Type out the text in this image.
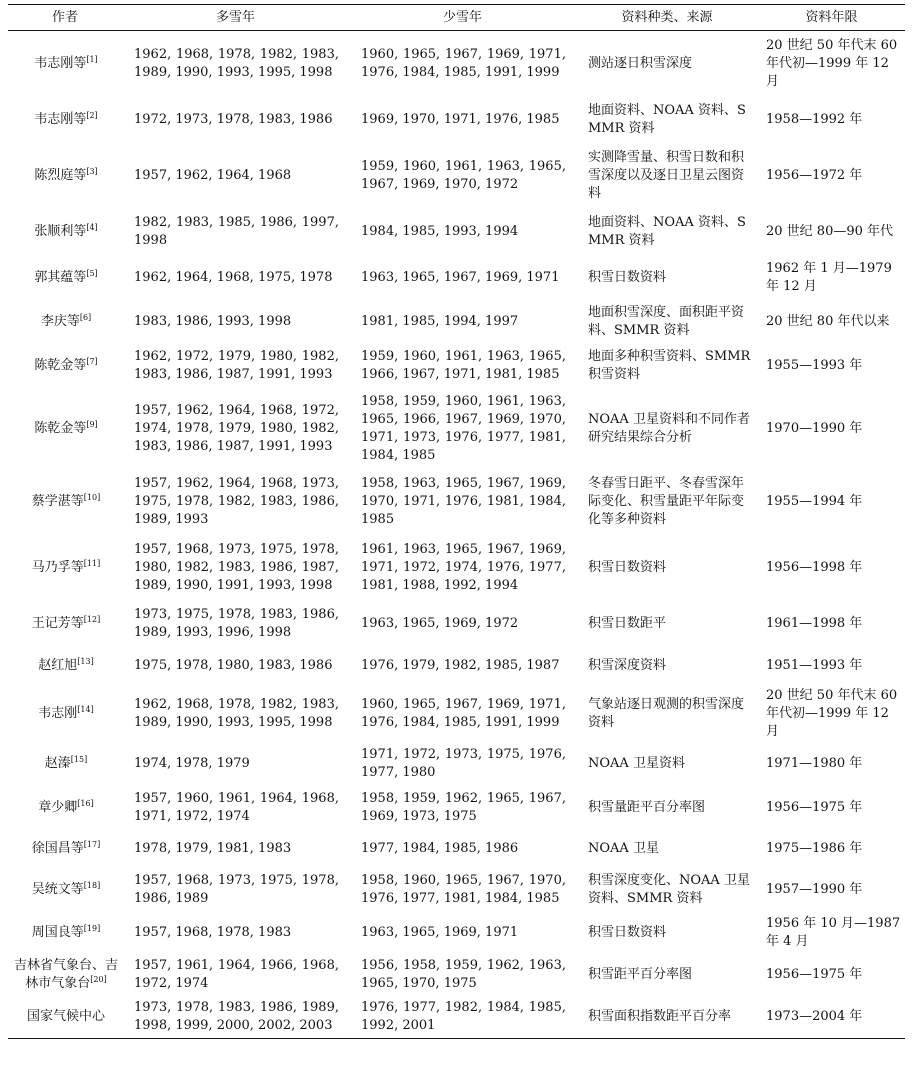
作者	多雪年	少雪年	资料种类、来源	资料年限
韦志刚等[1]	1962, 1968, 1978, 1982, 1983, 1989, 1990, 1993, 1995, 1998	1960, 1965, 1967, 1969, 1971, 1976, 1984, 1985, 1991, 1999	测站逐日积雪深度	20 世纪 50 年代末 60 年代初—1999 年 12 月
韦志刚等[2]	1972, 1973, 1978, 1983, 1986	1969, 1970, 1971, 1976, 1985	地面资料、NOAA 资料、SMMR 资料	1958—1992 年
陈烈庭等[3]	1957, 1962, 1964, 1968	1959, 1960, 1961, 1963, 1965, 1967, 1969, 1970, 1972	实测降雪量、积雪日数和积雪深度以及逐日卫星云图资料	1956—1972 年
张顺利等[4]	1982, 1983, 1985, 1986, 1997, 1998	1984, 1985, 1993, 1994	地面资料、NOAA 资料、SMMR 资料	20 世纪 80—90 年代
郭其蕴等[5]	1962, 1964, 1968, 1975, 1978	1963, 1965, 1967, 1969, 1971	积雪日数资料	1962 年 1 月—1979 年 12 月
李庆等[6]	1983, 1986, 1993, 1998	1981, 1985, 1994, 1997	地面积雪深度、面积距平资料、SMMR 资料	20 世纪 80 年代以来
陈乾金等[7]	1962, 1972, 1979, 1980, 1982, 1983, 1986, 1987, 1991, 1993	1959, 1960, 1961, 1963, 1965, 1966, 1967, 1971, 1981, 1985	地面多种积雪资料、SMMR 积雪资料	1955—1993 年
陈乾金等[9]	1957, 1962, 1964, 1968, 1972, 1974, 1978, 1979, 1980, 1982, 1983, 1986, 1987, 1991, 1993	1958, 1959, 1960, 1961, 1963, 1965, 1966, 1967, 1969, 1970, 1971, 1973, 1976, 1977, 1981, 1984, 1985	NOAA 卫星资料和不同作者研究结果综合分析	1970—1990 年
蔡学湛等[10]	1957, 1962, 1964, 1968, 1973, 1975, 1978, 1982, 1983, 1986, 1989, 1993	1958, 1963, 1965, 1967, 1969, 1970, 1971, 1976, 1981, 1984, 1985	冬春雪日距平、冬春雪深年际变化、积雪量距平年际变化等多种资料	1955—1994 年
马乃孚等[11]	1957, 1968, 1973, 1975, 1978, 1980, 1982, 1983, 1986, 1987, 1989, 1990, 1991, 1993, 1998	1961, 1963, 1965, 1967, 1969, 1971, 1972, 1974, 1976, 1977, 1981, 1988, 1992, 1994	积雪日数资料	1956—1998 年
王记芳等[12]	1973, 1975, 1978, 1983, 1986, 1989, 1993, 1996, 1998	1963, 1965, 1969, 1972	积雪日数距平	1961—1998 年
赵红旭[13]	1975, 1978, 1980, 1983, 1986	1976, 1979, 1982, 1985, 1987	积雪深度资料	1951—1993 年
韦志刚[14]	1962, 1968, 1978, 1982, 1983, 1989, 1990, 1993, 1995, 1998	1960, 1965, 1967, 1969, 1971, 1976, 1984, 1985, 1991, 1999	气象站逐日观测的积雪深度资料	20 世纪 50 年代末 60 年代初—1999 年 12 月
赵溱[15]	1974, 1978, 1979	1971, 1972, 1973, 1975, 1976, 1977, 1980	NOAA 卫星资料	1971—1980 年
章少卿[16]	1957, 1960, 1961, 1964, 1968, 1971, 1972, 1974	1958, 1959, 1962, 1965, 1967, 1969, 1973, 1975	积雪量距平百分率图	1956—1975 年
徐国昌等[17]	1978, 1979, 1981, 1983	1977, 1984, 1985, 1986	NOAA 卫星	1975—1986 年
吴统文等[18]	1957, 1968, 1973, 1975, 1978, 1986, 1989	1958, 1960, 1965, 1967, 1970, 1976, 1977, 1981, 1984, 1985	积雪深度变化、NOAA 卫星资料、SMMR 资料	1957—1990 年
周国良等[19]	1957, 1968, 1978, 1983	1963, 1965, 1969, 1971	积雪日数资料	1956 年 10 月—1987 年 4 月
吉林省气象台、吉林市气象台[20]	1957, 1961, 1964, 1966, 1968, 1972, 1974	1956, 1958, 1959, 1962, 1963, 1965, 1970, 1975	积雪距平百分率图	1956—1975 年
国家气候中心	1973, 1978, 1983, 1986, 1989, 1998, 1999, 2000, 2002, 2003	1976, 1977, 1982, 1984, 1985, 1992, 2001	积雪面积指数距平百分率	1973—2004 年
